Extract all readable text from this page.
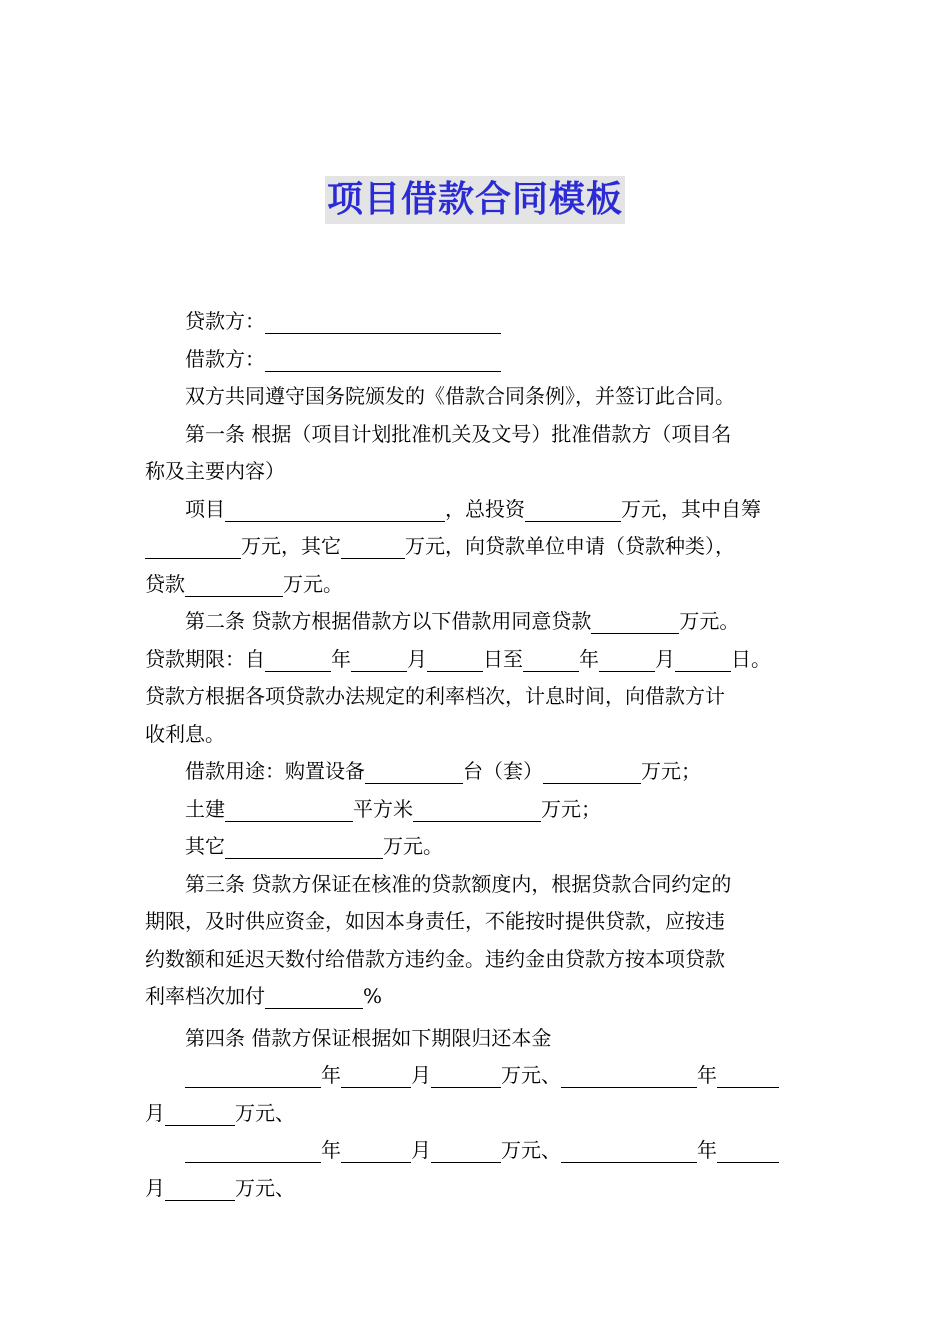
项目借款合同模板

贷款方：

借款方：

双方共同遵守国务院颁发的《借款合同条例》，并签订此合同。

第一条 根据（项目计划批准机关及文号）批准借款方（项目名

称及主要内容）

项目	，总投资	万元，其中自筹

万元，其它	万元，向贷款单位申请（贷款种类），

贷款	万元。

第二条 贷款方根据借款方以下借款用同意贷款	万元。

贷款期限：自	年	月	日至	年	月	日。

贷款方根据各项贷款办法规定的利率档次，计息时间，向借款方计

收利息。

借款用途：购置设备	台（套）	万元；

土建	平方米	万元；

其它	万元。

第三条 贷款方保证在核准的贷款额度内，根据贷款合同约定的

期限，及时供应资金，如因本身责任，不能按时提供贷款，应按违

约数额和延迟天数付给借款方违约金。违约金由贷款方按本项贷款

利率档次加付	%

第四条 借款方保证根据如下期限归还本金

年	月	万元、	年

月	万元、

年	月	万元、	年

月	万元、
